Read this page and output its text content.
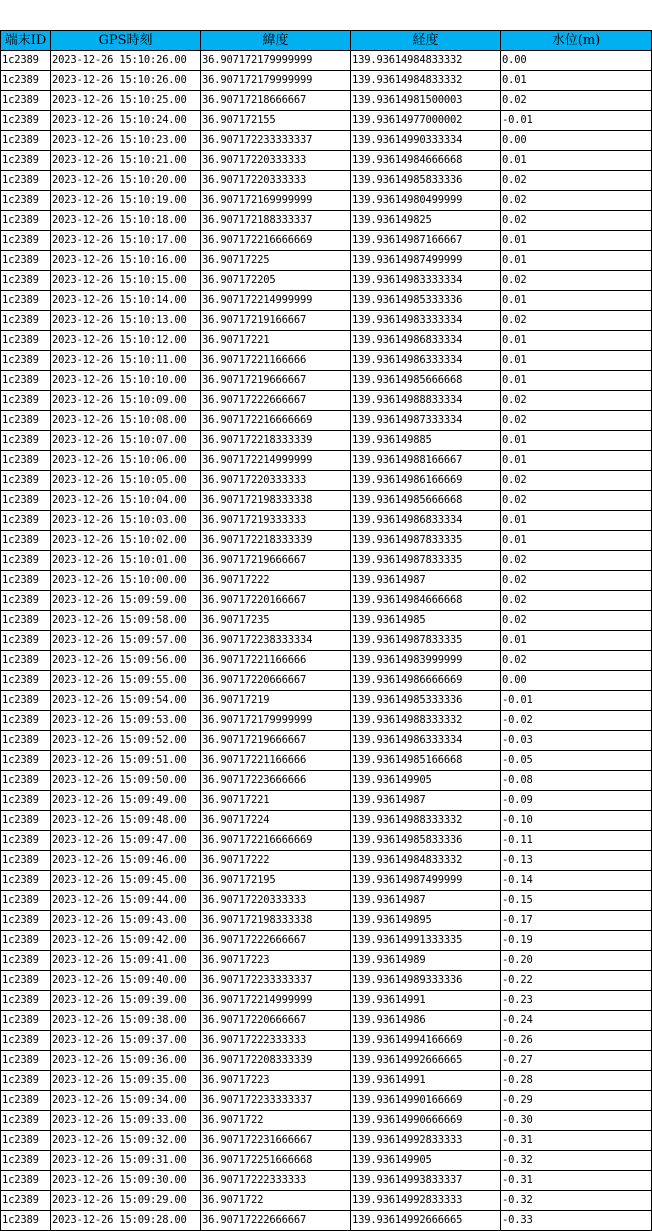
端末ID	GPS時刻	緯度	経度	水位(m)
1c2389	2023-12-26 15:10:26.00	36.907172179999999	139.93614984833332	0.00
1c2389	2023-12-26 15:10:26.00	36.907172179999999	139.93614984833332	0.01
1c2389	2023-12-26 15:10:25.00	36.90717218666667	139.93614981500003	0.02
1c2389	2023-12-26 15:10:24.00	36.907172155	139.93614977000002	-0.01
1c2389	2023-12-26 15:10:23.00	36.907172233333337	139.93614990333334	0.00
1c2389	2023-12-26 15:10:21.00	36.90717220333333	139.93614984666668	0.01
1c2389	2023-12-26 15:10:20.00	36.90717220333333	139.93614985833336	0.02
1c2389	2023-12-26 15:10:19.00	36.907172169999999	139.93614980499999	0.02
1c2389	2023-12-26 15:10:18.00	36.907172188333337	139.936149825	0.02
1c2389	2023-12-26 15:10:17.00	36.907172216666669	139.93614987166667	0.01
1c2389	2023-12-26 15:10:16.00	36.90717225	139.93614987499999	0.01
1c2389	2023-12-26 15:10:15.00	36.907172205	139.93614983333334	0.02
1c2389	2023-12-26 15:10:14.00	36.907172214999999	139.93614985333336	0.01
1c2389	2023-12-26 15:10:13.00	36.90717219166667	139.93614983333334	0.02
1c2389	2023-12-26 15:10:12.00	36.90717221	139.93614986833334	0.01
1c2389	2023-12-26 15:10:11.00	36.90717221166666	139.93614986333334	0.01
1c2389	2023-12-26 15:10:10.00	36.90717219666667	139.93614985666668	0.01
1c2389	2023-12-26 15:10:09.00	36.90717222666667	139.93614988833334	0.02
1c2389	2023-12-26 15:10:08.00	36.907172216666669	139.93614987333334	0.02
1c2389	2023-12-26 15:10:07.00	36.907172218333339	139.936149885	0.01
1c2389	2023-12-26 15:10:06.00	36.907172214999999	139.93614988166667	0.01
1c2389	2023-12-26 15:10:05.00	36.90717220333333	139.93614986166669	0.02
1c2389	2023-12-26 15:10:04.00	36.907172198333338	139.93614985666668	0.02
1c2389	2023-12-26 15:10:03.00	36.90717219333333	139.93614986833334	0.01
1c2389	2023-12-26 15:10:02.00	36.907172218333339	139.93614987833335	0.01
1c2389	2023-12-26 15:10:01.00	36.90717219666667	139.93614987833335	0.02
1c2389	2023-12-26 15:10:00.00	36.90717222	139.93614987	0.02
1c2389	2023-12-26 15:09:59.00	36.90717220166667	139.93614984666668	0.02
1c2389	2023-12-26 15:09:58.00	36.90717235	139.93614985	0.02
1c2389	2023-12-26 15:09:57.00	36.907172238333334	139.93614987833335	0.01
1c2389	2023-12-26 15:09:56.00	36.90717221166666	139.93614983999999	0.02
1c2389	2023-12-26 15:09:55.00	36.90717220666667	139.93614986666669	0.00
1c2389	2023-12-26 15:09:54.00	36.90717219	139.93614985333336	-0.01
1c2389	2023-12-26 15:09:53.00	36.907172179999999	139.93614988333332	-0.02
1c2389	2023-12-26 15:09:52.00	36.90717219666667	139.93614986333334	-0.03
1c2389	2023-12-26 15:09:51.00	36.90717221166666	139.93614985166668	-0.05
1c2389	2023-12-26 15:09:50.00	36.90717223666666	139.936149905	-0.08
1c2389	2023-12-26 15:09:49.00	36.90717221	139.93614987	-0.09
1c2389	2023-12-26 15:09:48.00	36.90717224	139.93614988333332	-0.10
1c2389	2023-12-26 15:09:47.00	36.907172216666669	139.93614985833336	-0.11
1c2389	2023-12-26 15:09:46.00	36.90717222	139.93614984833332	-0.13
1c2389	2023-12-26 15:09:45.00	36.907172195	139.93614987499999	-0.14
1c2389	2023-12-26 15:09:44.00	36.90717220333333	139.93614987	-0.15
1c2389	2023-12-26 15:09:43.00	36.907172198333338	139.936149895	-0.17
1c2389	2023-12-26 15:09:42.00	36.90717222666667	139.93614991333335	-0.19
1c2389	2023-12-26 15:09:41.00	36.90717223	139.93614989	-0.20
1c2389	2023-12-26 15:09:40.00	36.907172233333337	139.93614989333336	-0.22
1c2389	2023-12-26 15:09:39.00	36.907172214999999	139.93614991	-0.23
1c2389	2023-12-26 15:09:38.00	36.90717220666667	139.93614986	-0.24
1c2389	2023-12-26 15:09:37.00	36.90717222333333	139.93614994166669	-0.26
1c2389	2023-12-26 15:09:36.00	36.907172208333339	139.93614992666665	-0.27
1c2389	2023-12-26 15:09:35.00	36.90717223	139.93614991	-0.28
1c2389	2023-12-26 15:09:34.00	36.907172233333337	139.93614990166669	-0.29
1c2389	2023-12-26 15:09:33.00	36.9071722	139.93614990666669	-0.30
1c2389	2023-12-26 15:09:32.00	36.907172231666667	139.93614992833333	-0.31
1c2389	2023-12-26 15:09:31.00	36.907172251666668	139.936149905	-0.32
1c2389	2023-12-26 15:09:30.00	36.90717222333333	139.93614993833337	-0.31
1c2389	2023-12-26 15:09:29.00	36.9071722	139.93614992833333	-0.32
1c2389	2023-12-26 15:09:28.00	36.90717222666667	139.93614992666665	-0.33
